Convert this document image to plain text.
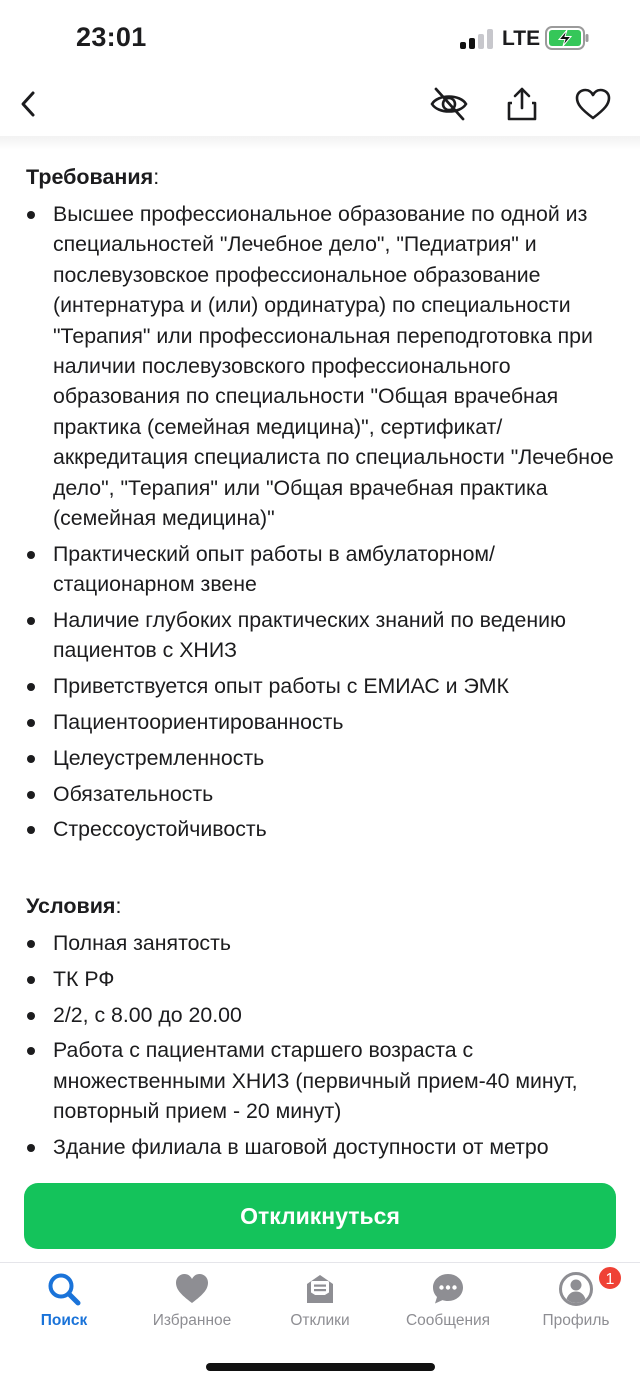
23:01	LTE
Требования:
Высшее профессиональное образование по одной из специальностей "Лечебное дело", "Педиатрия" и послевузовское профессиональное образование (интернатура и (или) ординатура) по специальности "Терапия" или профессиональная переподготовка при наличии послевузовского профессионального образования по специальности "Общая врачебная практика (семейная медицина)", сертификат/аккредитация специалиста по специальности "Лечебное дело", "Терапия" или "Общая врачебная практика (семейная медицина)"
Практический опыт работы в амбулаторном/ стационарном звене
Наличие глубоких практических знаний по ведению пациентов с ХНИЗ
Приветствуется опыт работы с ЕМИАС и ЭМК
Пациентоориентированность
Целеустремленность
Обязательность
Стрессоустойчивость
Условия:
Полная занятость
ТК РФ
2/2, с 8.00 до 20.00
Работа с пациентами старшего возраста с множественными ХНИЗ (первичный прием-40 минут, повторный прием - 20 минут)
Здание филиала в шаговой доступности от метро
Откликнуться
Поиск	Избранное	Отклики	Сообщения
1
Профиль
